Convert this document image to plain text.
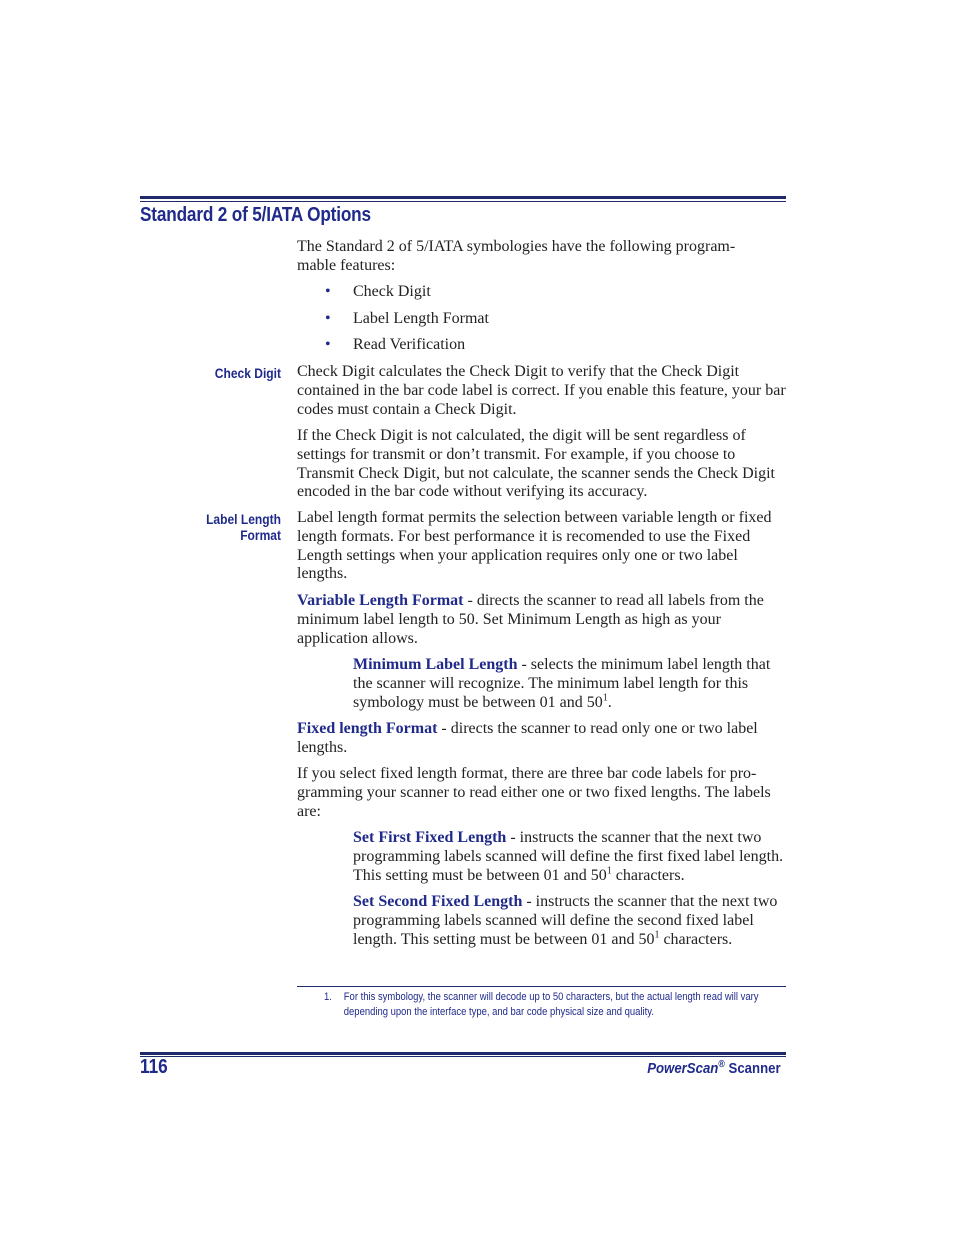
Standard 2 of 5/IATA Options
The Standard 2 of 5/IATA symbologies have the following program-
mable features:
• Check Digit
• Label Length Format
• Read Verification
Check Digit Check Digit calculates the Check Digit to verify that the Check Digit contained in the bar code label is correct. If you enable this feature, your bar codes must contain a Check Digit.
If the Check Digit is not calculated, the digit will be sent regardless of settings for transmit or don’t transmit. For example, if you choose to Transmit Check Digit, but not calculate, the scanner sends the Check Digit encoded in the bar code without verifying its accuracy.
Label Length
Format
Label length format permits the selection between variable length or fixed length formats. For best performance it is recomended to use the Fixed Length settings when your application requires only one or two label lengths.
Variable Length Format - directs the scanner to read all labels from the minimum label length to 50. Set Minimum Length as high as your application allows.
Minimum Label Length - selects the minimum label length that the scanner will recognize. The minimum label length for this symbology must be between 01 and $50^1$.
Fixed length Format - directs the scanner to read only one or two label lengths.
If you select fixed length format, there are three bar code labels for pro-gramming your scanner to read either one or two fixed lengths. The labels are:
Set First Fixed Length - instructs the scanner that the next two programming labels scanned will define the first fixed label length. This setting must be between 01 and $50^1$ characters.
Set Second Fixed Length - instructs the scanner that the next two programming labels scanned will define the second fixed label length. This setting must be between 01 and $50^1$ characters.
1.	For this symbology, the scanner will decode up to 50 characters, but the actual length read will vary depending upon the interface type, and bar code physical size and quality.
116	PowerScan® Scanner
